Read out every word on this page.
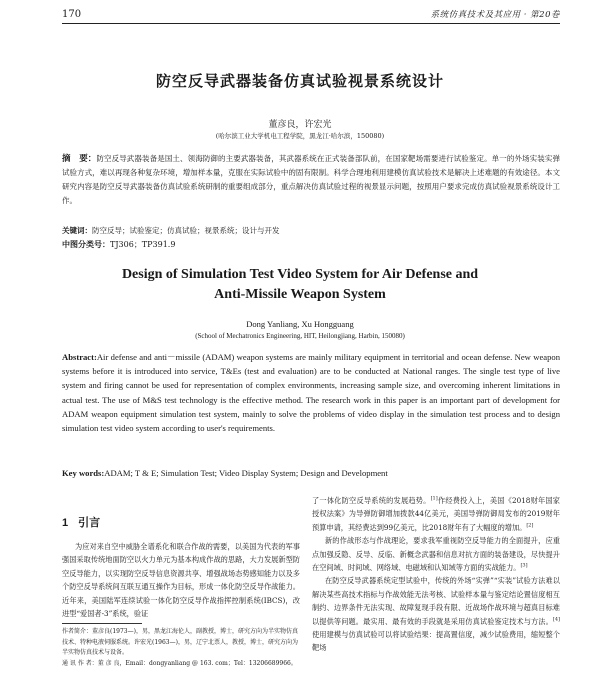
170	系统仿真技术及其应用 · 第20卷
防空反导武器装备仿真试验视景系统设计
董彦良，许宏光
(哈尔滨工业大学机电工程学院，黑龙江·哈尔滨，150080)
摘　要：防空反导武器装备是国土、领海防御的主要武器装备，其武器系统在正式装备部队前，在国家靶场需要进行试验鉴定。单一的外场实装实弹试验方式，难以再现各种复杂环境，增加样本量，克服在实际试验中的固有限制。科学合理地利用建模仿真试验技术是解决上述难题的有效途径。本文研究内容是防空反导武器装备仿真试验系统研制的重要组成部分，重点解决仿真试验过程的视景显示问题，按照用户要求完成仿真试验视景系统设计工作。
关键词：防空反导；试验鉴定；仿真试验；视景系统；设计与开发
中图分类号：TJ306；TP391.9
Design of Simulation Test Video System for Air Defense and
Anti-Missile Weapon System
Dong Yanliang, Xu Hongguang
(School of Mechatronics Engineering, HIT, Heilongjiang, Harbin, 150080)
Abstract:Air defense and anti－missile (ADAM) weapon systems are mainly military equipment in territorial and ocean defense. New weapon systems before it is introduced into service, T&Es (test and evaluation) are to be conducted at National ranges. The single test type of live system and firing cannot be used for representation of complex environments, increasing sample size, and overcoming inherent limitations in actual test. The use of M&S test technology is the effective method. The research work in this paper is an important part of development for ADAM weapon equipment simulation test system, mainly to solve the problems of video display in the simulation test process and to design simulation test video system according to user's requirements.
Key words:ADAM; T & E; Simulation Test; Video Display System; Design and Development
1 引言

为应对来自空中威胁全谱系化和联合作战的需要，以美国为代表的军事强国采取传统地面防空以火力单元为基本构成作战的思路，大力发展新型防空反导能力，以实现防空反导信息资源共享、增强战场态势感知能力以及多个防空反导系统间互联互通互操作为目标，形成一体化防空反导作战能力。近年来，美国陆军连续试验一体化防空反导作战指挥控制系统(IBCS)，改进型“爱国者-3”系统，验证

作者简介：董彦良(1973—)，男，黑龙江海伦人，副教授，博士，研究方向为半实物仿真技术、特种电液伺服系统。许宏光(1963—)，男，辽宁北票人，教授，博士，研究方向为半实物仿真技术与设备。

通 讯 作 者：董 彦 良，Email：dongyanliang @ 163. com；Tel：13206689966。

了一体化防空反导系统的发展趋势。[1]作经费投入上，美国《2018财年国家授权法案》为导弹防御增加拨款44亿美元，美国导弹防御局发布的2019财年预算申请，其经费达到99亿美元，比2018财年有了大幅度的增加。[2]

新的作战形态与作战理论，要求我军重视防空反导能力的全面提升，应重点加强反隐、反导、反临、新概念武器和信息对抗方面的装备建设，尽快提升在空间域、时间域、网络域、电磁域和认知域等方面的实战能力。[3]

在防空反导武器系统定型试验中，传统的外场“实弹”“实装”试验方法难以解决某些高技术指标与作战效能无法考核、试验样本量与鉴定结论置信度相互制约、边界条件无法实现、故障复现手段有限、近战场作战环境与超真目标难以提供等问题。最实用、最有效的手段就是采用仿真试验鉴定技术与方法。[4]使用建模与仿真试验可以将试验结果：提高置信度，减少试验费用，缩短整个靶场
